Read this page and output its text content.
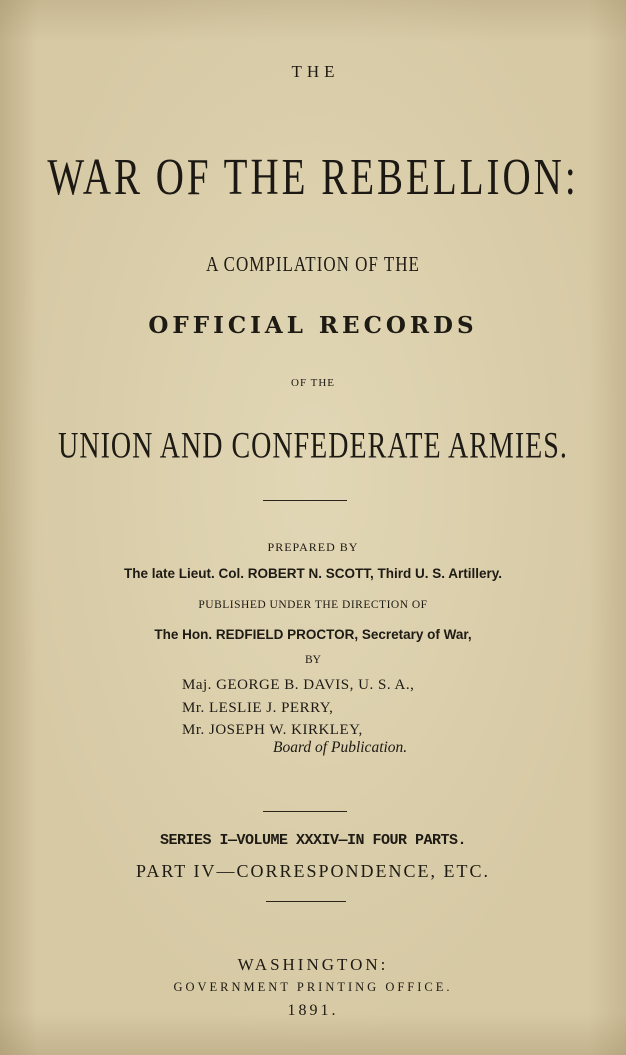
THE
WAR OF THE REBELLION:
A COMPILATION OF THE
OFFICIAL RECORDS
OF THE
UNION AND CONFEDERATE ARMIES.
PREPARED BY
The late Lieut. Col. ROBERT N. SCOTT, Third U. S. Artillery.
PUBLISHED UNDER THE DIRECTION OF
The Hon. REDFIELD PROCTOR, Secretary of War,
BY
Maj. GEORGE B. DAVIS, U. S. A.,
Mr. LESLIE J. PERRY,
Mr. JOSEPH W. KIRKLEY,
Board of Publication.
SERIES I—VOLUME XXXIV—IN FOUR PARTS.
PART IV—CORRESPONDENCE, ETC.
WASHINGTON:
GOVERNMENT PRINTING OFFICE.
1891.
